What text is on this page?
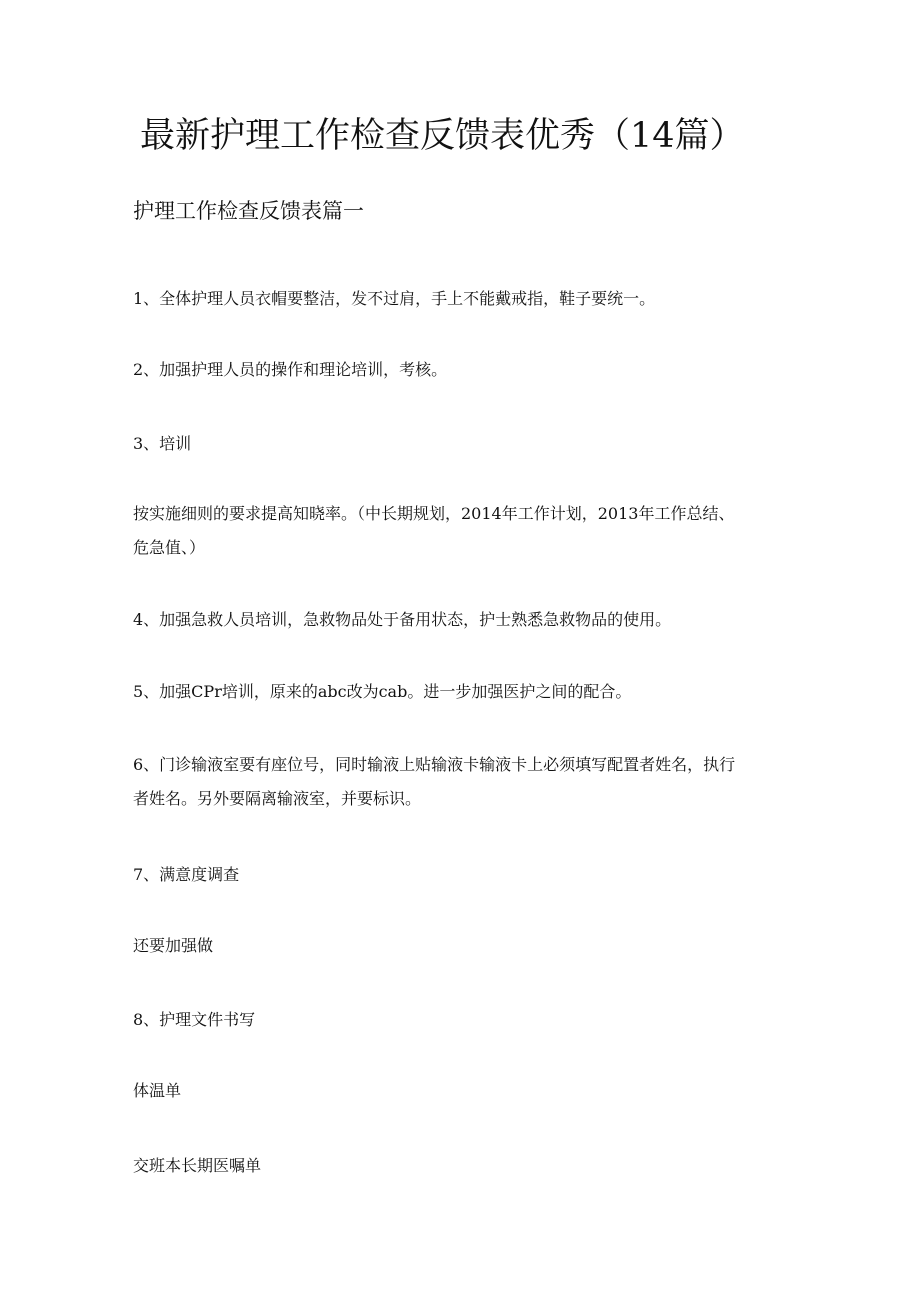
最新护理工作检查反馈表优秀（14篇）
护理工作检查反馈表篇一
1、全体护理人员衣帽要整洁，发不过肩，手上不能戴戒指，鞋子要统一。
2、加强护理人员的操作和理论培训，考核。
3、培训
按实施细则的要求提高知晓率。（中长期规划，2014年工作计划，2013年工作总结、
危急值、）
4、加强急救人员培训，急救物品处于备用状态，护士熟悉急救物品的使用。
5、加强CPr培训，原来的abc改为cab。进一步加强医护之间的配合。
6、门诊输液室要有座位号，同时输液上贴输液卡输液卡上必须填写配置者姓名，执行
者姓名。另外要隔离输液室，并要标识。
7、满意度调查
还要加强做
8、护理文件书写
体温单
交班本长期医嘱单
